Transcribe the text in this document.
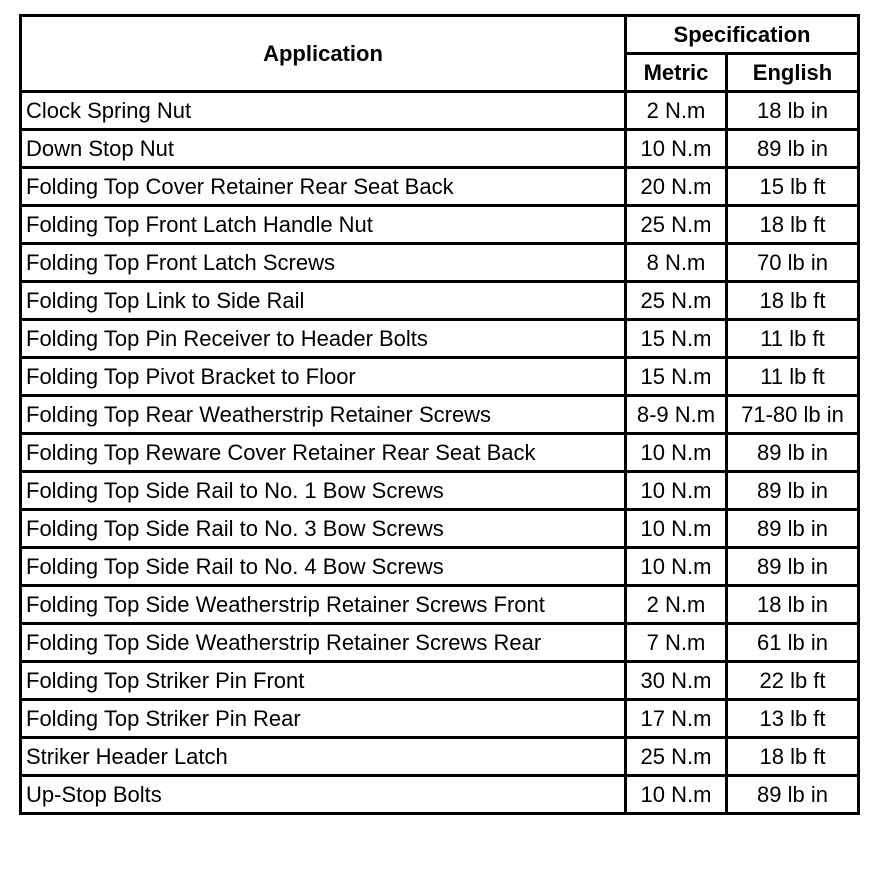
Application	Specification	
	Metric	English
Clock Spring Nut	2 N.m	18 lb in
Down Stop Nut	10 N.m	89 lb in
Folding Top Cover Retainer Rear Seat Back	20 N.m	15 lb ft
Folding Top Front Latch Handle Nut	25 N.m	18 lb ft
Folding Top Front Latch Screws	8 N.m	70 lb in
Folding Top Link to Side Rail	25 N.m	18 lb ft
Folding Top Pin Receiver to Header Bolts	15 N.m	11 lb ft
Folding Top Pivot Bracket to Floor	15 N.m	11 lb ft
Folding Top Rear Weatherstrip Retainer Screws	8-9 N.m	71-80 lb in
Folding Top Reware Cover Retainer Rear Seat Back	10 N.m	89 lb in
Folding Top Side Rail to No. 1 Bow Screws	10 N.m	89 lb in
Folding Top Side Rail to No. 3 Bow Screws	10 N.m	89 lb in
Folding Top Side Rail to No. 4 Bow Screws	10 N.m	89 lb in
Folding Top Side Weatherstrip Retainer Screws Front	2 N.m	18 lb in
Folding Top Side Weatherstrip Retainer Screws Rear	7 N.m	61 lb in
Folding Top Striker Pin Front	30 N.m	22 lb ft
Folding Top Striker Pin Rear	17 N.m	13 lb ft
Striker Header Latch	25 N.m	18 lb ft
Up-Stop Bolts	10 N.m	89 lb in
